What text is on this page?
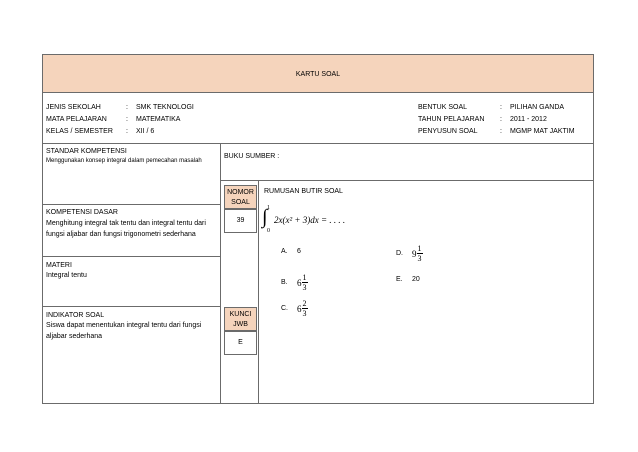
KARTU SOAL
JENIS SEKOLAH	: SMK TEKNOLOGI
MATA PELAJARAN	: MATEMATIKA
KELAS / SEMESTER : XII / 6
BENTUK SOAL	: PILIHAN GANDA
TAHUN PELAJARAN : 2011 - 2012
PENYUSUN SOAL	: MGMP MAT JAKTIM
STANDAR KOMPETENSI
Menggunakan konsep integral dalam pemecahan masalah
KOMPETENSI DASAR
Menghitung integral tak tentu dan integral tentu dari fungsi aljabar dan fungsi trigonometri sederhana
MATERI
Integral tentu
INDIKATOR SOAL
Siswa dapat menentukan integral tentu dari fungsi aljabar sederhana
BUKU SUMBER :
NOMOR
SOAL
39
KUNCI
JWB
E
RUMUSAN BUTIR SOAL
1
∫
0
2x(x² + 3)dx = . . . .
A.	6
B.	$6 \frac{1}{3}$
C.	$6 \frac{2}{3}$
D.	$9 \frac{1}{3}$
E.	20
